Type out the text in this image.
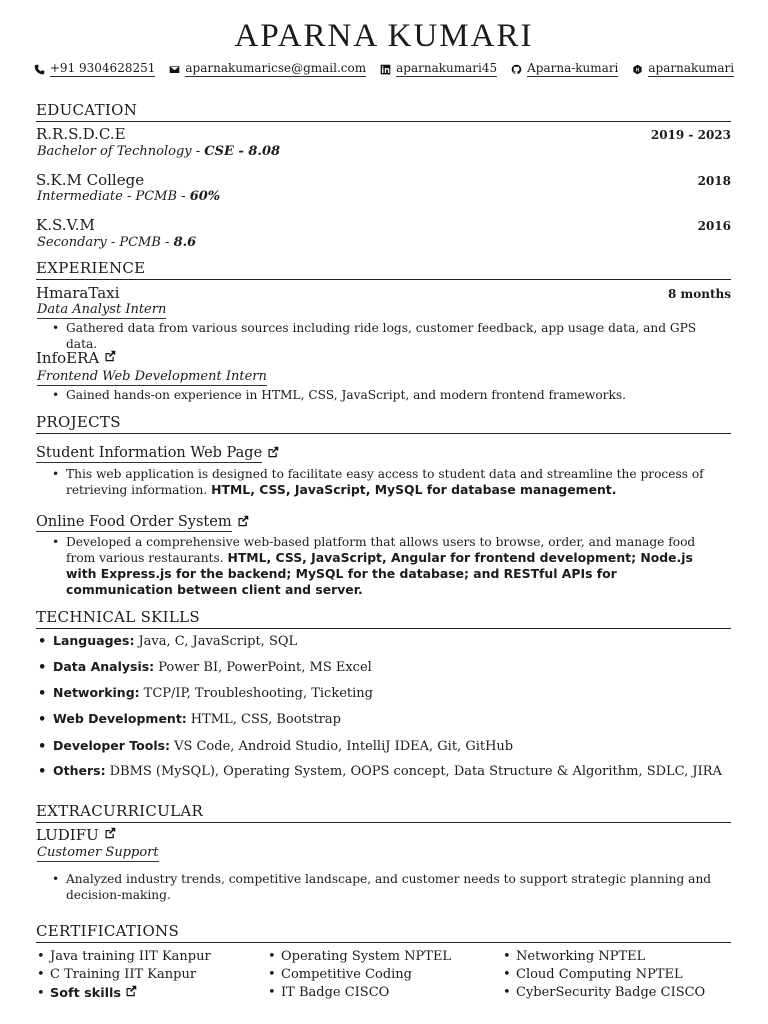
APARNA KUMARI
+91 9304628251	aparnakumaricse@gmail.com	aparnakumari45	Aparna-kumari	aparnakumari
EDUCATION
R.R.S.D.C.E	2019 - 2023
Bachelor of Technology - CSE - 8.08
S.K.M College	2018
Intermediate - PCMB - 60%
K.S.V.M	2016
Secondary - PCMB - 8.6
EXPERIENCE
HmaraTaxi	8 months
Data Analyst Intern
• Gathered data from various sources including ride logs, customer feedback, app usage data, and GPS data.
InfoERA
Frontend Web Development Intern
• Gained hands-on experience in HTML, CSS, JavaScript, and modern frontend frameworks.
PROJECTS
Student Information Web Page
• This web application is designed to facilitate easy access to student data and streamline the process of retrieving information. HTML, CSS, JavaScript, MySQL for database management.
Online Food Order System
• Developed a comprehensive web-based platform that allows users to browse, order, and manage food from various restaurants. HTML, CSS, JavaScript, Angular for frontend development; Node.js with Express.js for the backend; MySQL for the database; and RESTful APIs for communication between client and server.
TECHNICAL SKILLS
• Languages: Java, C, JavaScript, SQL
• Data Analysis: Power BI, PowerPoint, MS Excel
• Networking: TCP/IP, Troubleshooting, Ticketing
• Web Development: HTML, CSS, Bootstrap
• Developer Tools: VS Code, Android Studio, IntelliJ IDEA, Git, GitHub
• Others: DBMS (MySQL), Operating System, OOPS concept, Data Structure & Algorithm, SDLC, JIRA
EXTRACURRICULAR
LUDIFU
Customer Support
• Analyzed industry trends, competitive landscape, and customer needs to support strategic planning and decision-making.
CERTIFICATIONS
• Java training IIT Kanpur
• C Training IIT Kanpur
• Soft skills

• Operating System NPTEL
• Competitive Coding
• IT Badge CISCO
• Networking NPTEL
• Cloud Computing NPTEL
• CyberSecurity Badge CISCO
